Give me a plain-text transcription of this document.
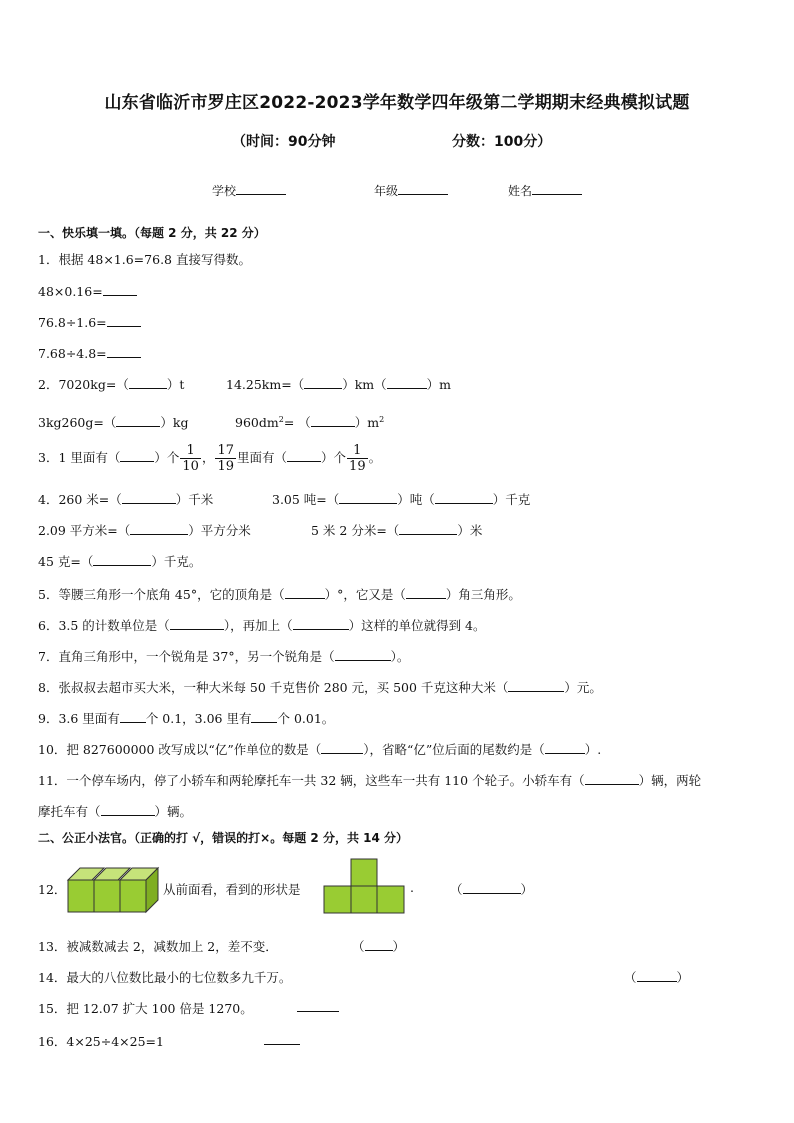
山东省临沂市罗庄区2022-2023学年数学四年级第二学期期末经典模拟试题
（时间：90分钟	分数：100分）
学校	年级	姓名
一、快乐填一填。（每题 2 分，共 22 分）
1．根据 48×1.6=76.8 直接写得数。
48×0.16=
76.8÷1.6=
7.68÷4.8=
2．7020kg=（	）t	14.25km=（	）km（	）m
3kg260g=（	）kg	$960dm^2=$ （	）$m^2$
3．1 里面有（	）个 $\frac{1}{10}$ ， $\frac{17}{19}$ 里面有（	）个 $\frac{1}{19}$ 。
4．260 米=（	）千米	3.05 吨=（	）吨（	）千克
2.09 平方米=（	）平方分米	5 米 2 分米=（	）米
45 克=（	）千克。
5．等腰三角形一个底角 45°，它的顶角是（	）°，它又是（	）角三角形。
6．3.5 的计数单位是（	），再加上（	）这样的单位就得到 4。
7．直角三角形中，一个锐角是 37°，另一个锐角是（	）。
8．张叔叔去超市买大米，一种大米每 50 千克售价 280 元，买 500 千克这种大米（	）元。
9．3.6 里面有 个 0.1，3.06 里有 个 0.01。
10．把 827600000 改写成以“亿”作单位的数是（	），省略“亿”位后面的尾数约是（	）.
11．一个停车场内，停了小轿车和两轮摩托车一共 32 辆，这些车一共有 110 个轮子。小轿车有（	）辆，两轮
摩托车有（	）辆。
二、公正小法官。（正确的打 √，错误的打×。每题 2 分，共 14 分）
12．	从前面看，看到的形状是	.	（	）
13．被减数减去 2，减数加上 2，差不变．	（ ）
14．最大的八位数比最小的七位数多九千万。	（	）
15．把 12.07 扩大 100 倍是 1270。
16．4×25÷4×25=1
